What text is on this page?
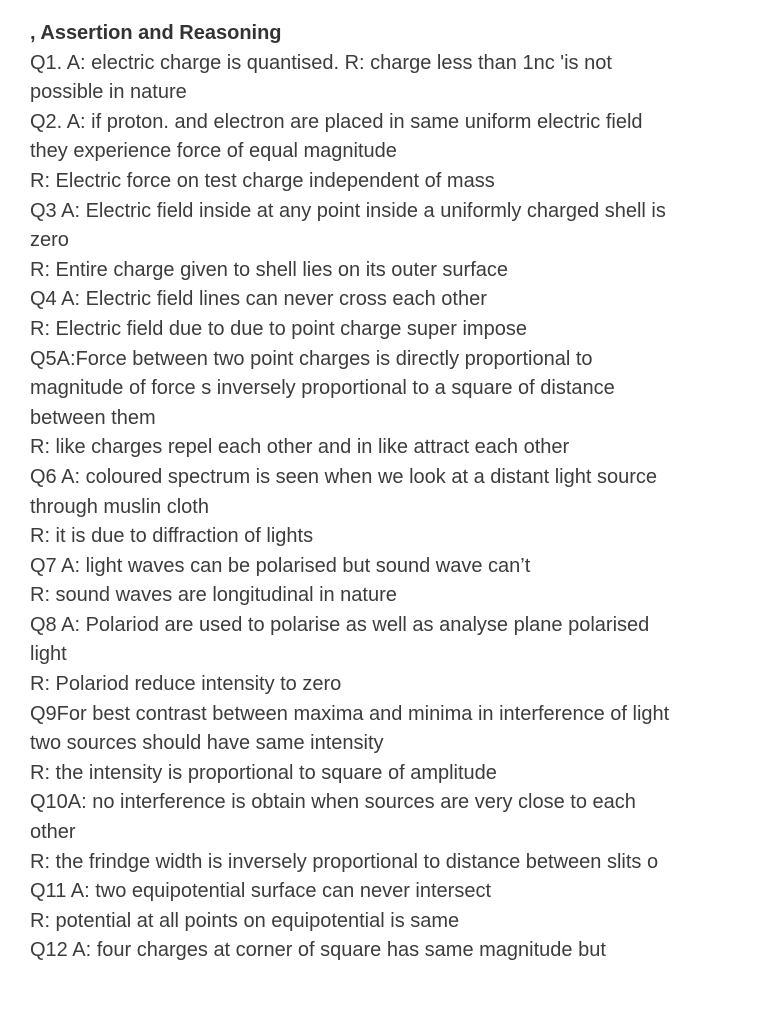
, Assertion and Reasoning
Q1. A: electric charge is quantised. R: charge less than 1nc 'is not
possible in nature
Q2. A: if proton. and electron are placed in same uniform electric field
they experience force of equal magnitude
R: Electric force on test charge independent of mass
Q3 A: Electric field inside at any point inside a uniformly charged shell is
zero
R: Entire charge given to shell lies on its outer surface
Q4 A: Electric field lines can never cross each other
R: Electric field due to due to point charge super impose
Q5A:Force between two point charges is directly proportional to
magnitude of force s inversely proportional to a square of distance
between them
R: like charges repel each other and in like attract each other
Q6 A: coloured spectrum is seen when we look at a distant light source
through muslin cloth
R: it is due to diffraction of lights
Q7 A: light waves can be polarised but sound wave can’t
R: sound waves are longitudinal in nature
Q8 A: Polariod are used to polarise as well as analyse plane polarised
light
R: Polariod reduce intensity to zero
Q9For best contrast between maxima and minima in interference of light
two sources should have same intensity
R: the intensity is proportional to square of amplitude
Q10A: no interference is obtain when sources are very close to each
other
R: the frindge width is inversely proportional to distance between slits o
Q11 A: two equipotential surface can never intersect
R: potential at all points on equipotential is same
Q12 A: four charges at corner of square has same magnitude but
